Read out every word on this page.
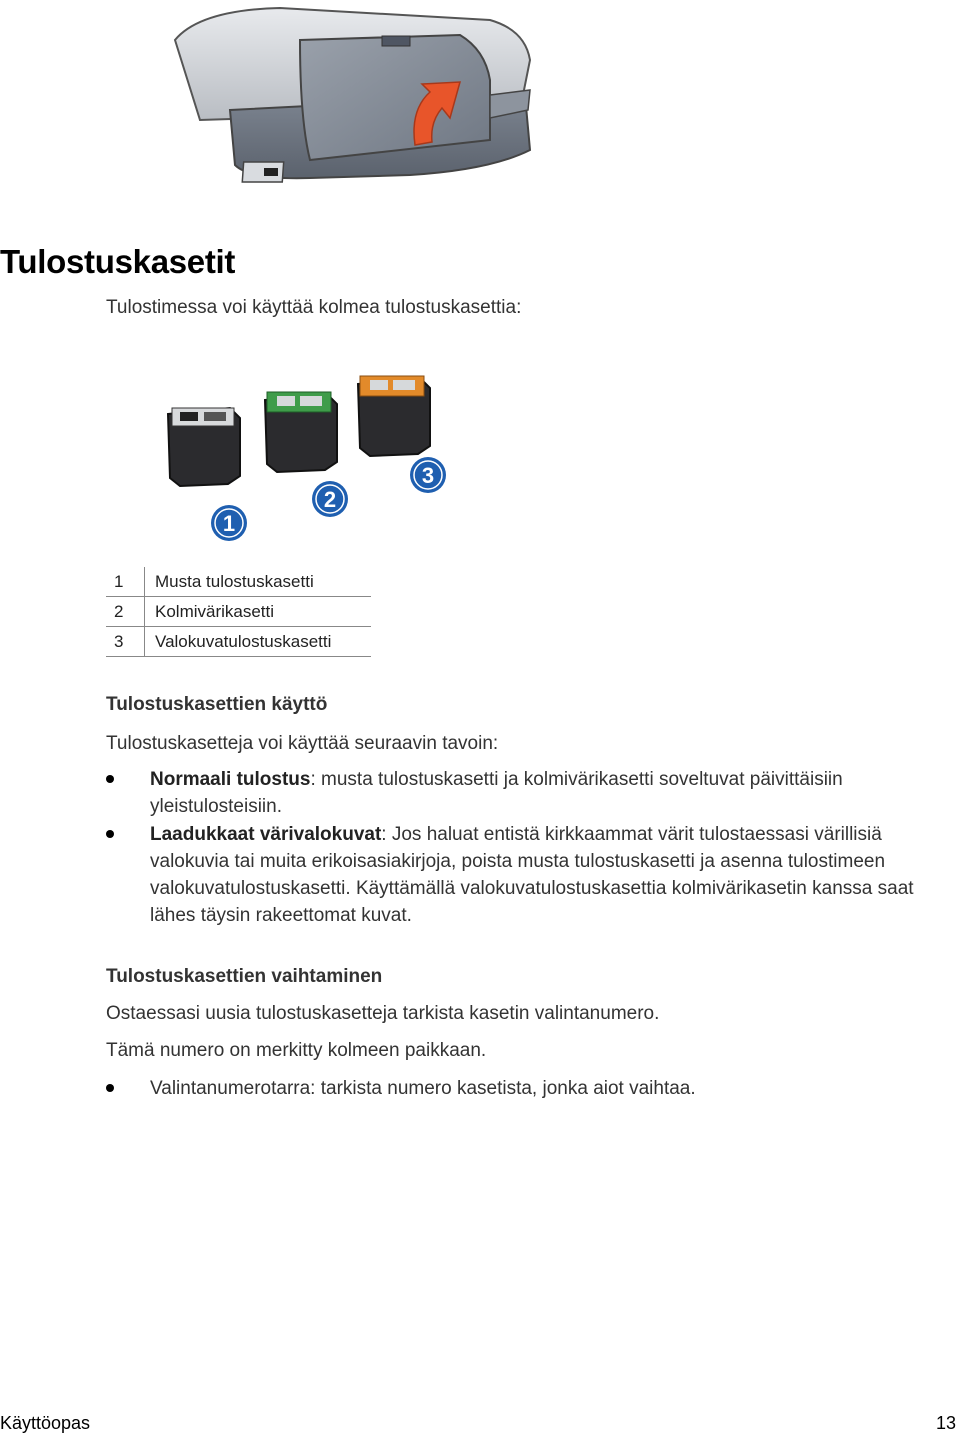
Tulostuskasetit
Tulostimessa voi käyttää kolmea tulostuskasettia:
1
2
3
1	Musta tulostuskasetti
2	Kolmivärikasetti
3	Valokuvatulostuskasetti
Tulostuskasettien käyttö
Tulostuskasetteja voi käyttää seuraavin tavoin:
Normaali tulostus: musta tulostuskasetti ja kolmivärikasetti soveltuvat päivittäisiin yleistulosteisiin.
Laadukkaat värivalokuvat: Jos haluat entistä kirkkaammat värit tulostaessasi värillisiä valokuvia tai muita erikoisasiakirjoja, poista musta tulostuskasetti ja asenna tulostimeen valokuvatulostuskasetti. Käyttämällä valokuvatulostuskasettia kolmivärikasetin kanssa saat lähes täysin rakeettomat kuvat.
Tulostuskasettien vaihtaminen
Ostaessasi uusia tulostuskasetteja tarkista kasetin valintanumero.
Tämä numero on merkitty kolmeen paikkaan.
Valintanumerotarra: tarkista numero kasetista, jonka aiot vaihtaa.
Käyttöopas	13
